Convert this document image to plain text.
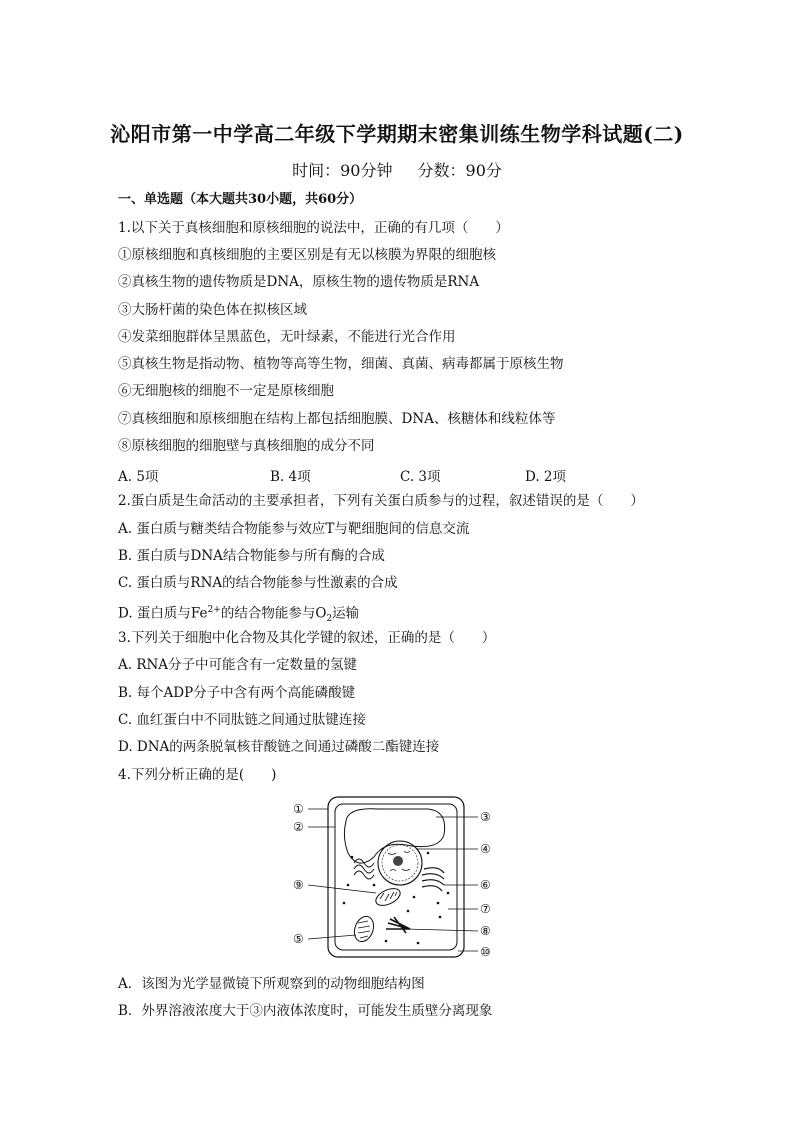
沁阳市第一中学高二年级下学期期末密集训练生物学科试题(二)
时间：90分钟 分数：90分
一、单选题（本大题共30小题，共60分）
1.以下关于真核细胞和原核细胞的说法中，正确的有几项（　　）
①原核细胞和真核细胞的主要区别是有无以核膜为界限的细胞核
②真核生物的遗传物质是DNA，原核生物的遗传物质是RNA
③大肠杆菌的染色体在拟核区域
④发菜细胞群体呈黑蓝色，无叶绿素，不能进行光合作用
⑤真核生物是指动物、植物等高等生物，细菌、真菌、病毒都属于原核生物
⑥无细胞核的细胞不一定是原核细胞
⑦真核细胞和原核细胞在结构上都包括细胞膜、DNA、核糖体和线粒体等
⑧原核细胞的细胞壁与真核细胞的成分不同
A. 5项	B. 4项	C. 3项	D. 2项
2.蛋白质是生命活动的主要承担者，下列有关蛋白质参与的过程，叙述错误的是（　　）
A. 蛋白质与糖类结合物能参与效应T与靶细胞间的信息交流
B. 蛋白质与DNA结合物能参与所有酶的合成
C. 蛋白质与RNA的结合物能参与性激素的合成
D. 蛋白质与$Fe^{2+}$的结合物能参与$O_2$运输
3.下列关于细胞中化合物及其化学键的叙述，正确的是（　　）
A. RNA分子中可能含有一定数量的氢键
B. 每个ADP分子中含有两个高能磷酸键
C. 血红蛋白中不同肽链之间通过肽键连接
D. DNA的两条脱氧核苷酸链之间通过磷酸二酯键连接
4.下列分析正确的是(　　)
①
②
③
④
⑤
⑥
⑦
⑧
⑨
⑩
A．该图为光学显微镜下所观察到的动物细胞结构图
B．外界溶液浓度大于③内液体浓度时，可能发生质壁分离现象
